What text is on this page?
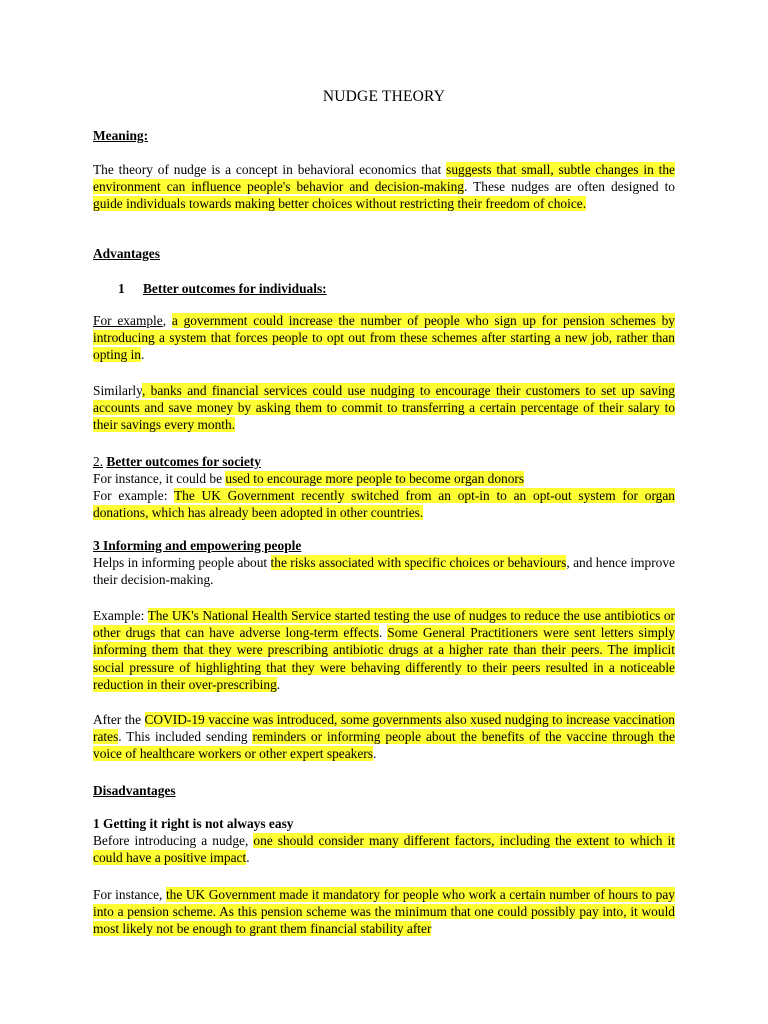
NUDGE THEORY
Meaning:
The theory of nudge is a concept in behavioral economics that suggests that small, subtle changes in the environment can influence people's behavior and decision-making. These nudges are often designed to guide individuals towards making better choices without restricting their freedom of choice.
Advantages
1 Better outcomes for individuals:
For example, a government could increase the number of people who sign up for pension schemes by introducing a system that forces people to opt out from these schemes after starting a new job, rather than opting in.
Similarly, banks and financial services could use nudging to encourage their customers to set up saving accounts and save money by asking them to commit to transferring a certain percentage of their salary to their savings every month.
2. Better outcomes for society
For instance, it could be used to encourage more people to become organ donors
For example: The UK Government recently switched from an opt-in to an opt-out system for organ donations, which has already been adopted in other countries.
3 Informing and empowering people
Helps in informing people about the risks associated with specific choices or behaviours, and hence improve their decision-making.
Example: The UK's National Health Service started testing the use of nudges to reduce the use antibiotics or other drugs that can have adverse long-term effects. Some General Practitioners were sent letters simply informing them that they were prescribing antibiotic drugs at a higher rate than their peers. The implicit social pressure of highlighting that they were behaving differently to their peers resulted in a noticeable reduction in their over-prescribing.
After the COVID-19 vaccine was introduced, some governments also xused nudging to increase vaccination rates. This included sending reminders or informing people about the benefits of the vaccine through the voice of healthcare workers or other expert speakers.
Disadvantages
1 Getting it right is not always easy
Before introducing a nudge, one should consider many different factors, including the extent to which it could have a positive impact.
For instance, the UK Government made it mandatory for people who work a certain number of hours to pay into a pension scheme. As this pension scheme was the minimum that one could possibly pay into, it would most likely not be enough to grant them financial stability after
